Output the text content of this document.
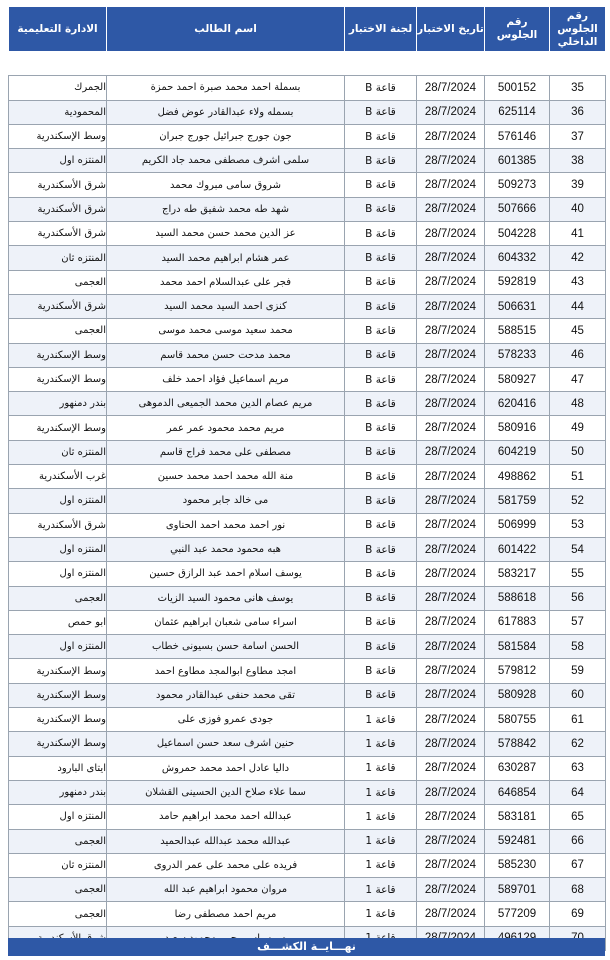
رقم الجلوس الداخلي	رقم الجلوس	تاريخ الاختبار	لجنة الاختبار	اسم الطالب	الادارة التعليمية

35	500152	28/7/2024	قاعة B	بسملة احمد محمد صبرة احمد حمزة	الجمرك
36	625114	28/7/2024	قاعة B	بسمله ولاء عبدالقادر عوض فضل	المحمودية
37	576146	28/7/2024	قاعة B	جون جورج جبرائيل جورج جبران	وسط الإسكندرية
38	601385	28/7/2024	قاعة B	سلمى اشرف مصطفى محمد جاد الكريم	المنتزه اول
39	509273	28/7/2024	قاعة B	شروق سامى مبروك محمد	شرق الأسكندرية
40	507666	28/7/2024	قاعة B	شهد طه محمد شفيق طه دراج	شرق الأسكندرية
41	504228	28/7/2024	قاعة B	عز الدين محمد حسن محمد السيد	شرق الأسكندرية
42	604332	28/7/2024	قاعة B	عمر هشام ابراهيم محمد السيد	المنتزه ثان
43	592819	28/7/2024	قاعة B	فجر على عبدالسلام احمد محمد	العجمى
44	506631	28/7/2024	قاعة B	كنزى احمد السيد محمد السيد	شرق الأسكندرية
45	588515	28/7/2024	قاعة B	محمد سعيد موسى محمد موسى	العجمى
46	578233	28/7/2024	قاعة B	محمد مدحت حسن محمد قاسم	وسط الإسكندرية
47	580927	28/7/2024	قاعة B	مريم اسماعيل فؤاد احمد خلف	وسط الإسكندرية
48	620416	28/7/2024	قاعة B	مريم عصام الدين محمد الجميعى الدموهى	بندر دمنهور
49	580916	28/7/2024	قاعة B	مريم محمد محمود عمر عمر	وسط الإسكندرية
50	604219	28/7/2024	قاعة B	مصطفى على محمد فراج قاسم	المنتزه ثان
51	498862	28/7/2024	قاعة B	منة الله محمد احمد محمد حسين	غرب الأسكندرية
52	581759	28/7/2024	قاعة B	مى خالد جابر محمود	المنتزه اول
53	506999	28/7/2024	قاعة B	نور احمد محمد احمد الحناوى	شرق الأسكندرية
54	601422	28/7/2024	قاعة B	هبه محمود محمد عبد النبي	المنتزه اول
55	583217	28/7/2024	قاعة B	يوسف اسلام احمد عبد الرازق حسين	المنتزه اول
56	588618	28/7/2024	قاعة B	يوسف هانى محمود السيد الزيات	العجمى
57	617883	28/7/2024	قاعة B	اسراء سامى شعبان ابراهيم عثمان	ابو حمص
58	581584	28/7/2024	قاعة B	الحسن اسامة حسن بسيونى خطاب	المنتزه اول
59	579812	28/7/2024	قاعة B	امجد مطاوع ابوالمجد مطاوع احمد	وسط الإسكندرية
60	580928	28/7/2024	قاعة B	تقى محمد حنفى عبدالقادر محمود	وسط الإسكندرية
61	580755	28/7/2024	قاعة 1	جودى عمرو فوزى على	وسط الإسكندرية
62	578842	28/7/2024	قاعة 1	حنين اشرف سعد حسن اسماعيل	وسط الإسكندرية
63	630287	28/7/2024	قاعة 1	داليا عادل احمد محمد حمروش	ايتاى البارود
64	646854	28/7/2024	قاعة 1	سما علاء صلاح الدين الحسينى القشلان	بندر دمنهور
65	583181	28/7/2024	قاعة 1	عبدالله احمد محمد ابراهيم حامد	المنتزه اول
66	592481	28/7/2024	قاعة 1	عبدالله محمد عبدالله عبدالحميد	العجمى
67	585230	28/7/2024	قاعة 1	فريده على محمد على عمر الدروى	المنتزه ثان
68	589701	28/7/2024	قاعة 1	مروان محمود ابراهيم عبد الله	العجمى
69	577209	28/7/2024	قاعة 1	مريم احمد مصطفى رضا	العجمى

نهـــايــة الكشـــف
